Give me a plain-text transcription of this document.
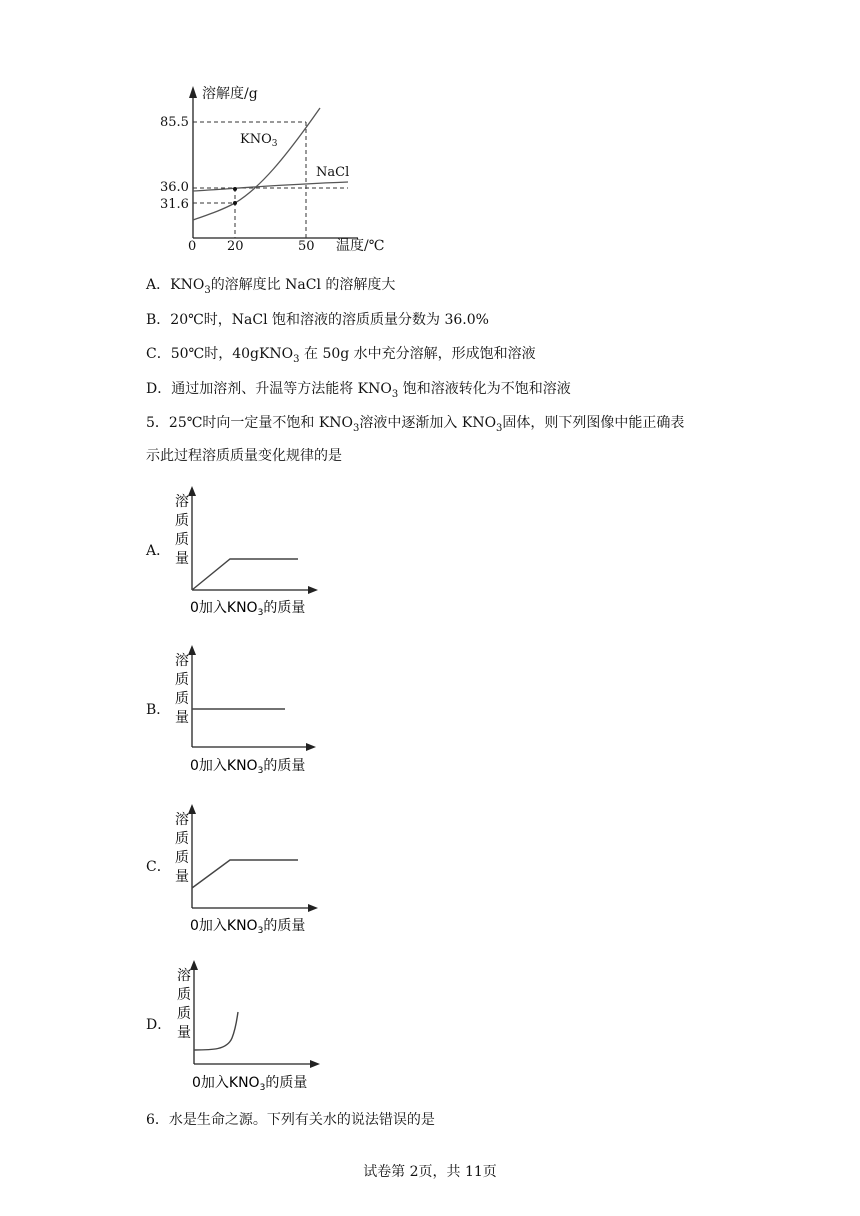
溶解度/g
温度/℃
85.5
36.0
31.6
0 20	50
$KNO_3$
NaCl
A．$KNO_3$的溶解度比 NaCl 的溶解度大
B．20℃时，NaCl 饱和溶液的溶质质量分数为 36.0%
C．50℃时，40gKNO$_3$ 在 50g 水中充分溶解，形成饱和溶液
D．通过加溶剂、升温等方法能将 $KNO_3$ 饱和溶液转化为不饱和溶液
5．25℃时向一定量不饱和 $KNO_3$溶液中逐渐加入 $KNO_3$固体，则下列图像中能正确表
示此过程溶质质量变化规律的是
A．
溶
质
质
量
0加入$KNO_3$的质量
B．
溶
质
质
量
0加入$KNO_3$的质量
C．
溶
质
质
量
0加入$KNO_3$的质量
D．
溶
质
质
量
0加入$KNO_3$的质量
6．水是生命之源。下列有关水的说法错误的是
试卷第 2页，共 11页
